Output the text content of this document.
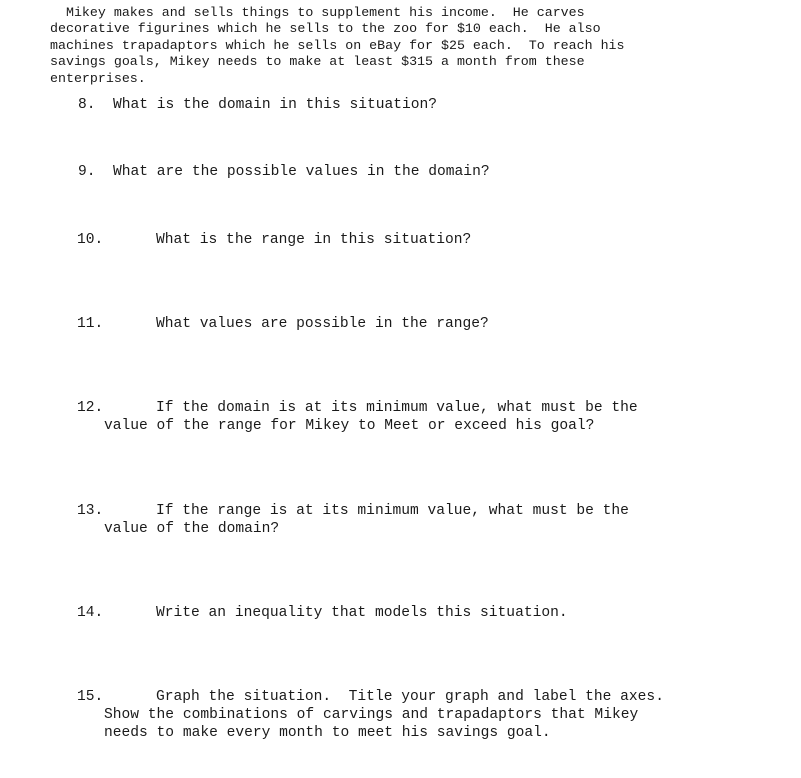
Mikey makes and sells things to supplement his income.  He carves
decorative figurines which he sells to the zoo for $10 each.  He also
machines trapadaptors which he sells on eBay for $25 each.  To reach his
savings goals, Mikey needs to make at least $315 a month from these
enterprises.

8.

What is the domain in this situation?

9.

What are the possible values in the domain?

10.

	What is the range in this situation?

11.

	What values are possible in the range?

12.

	If the domain is at its minimum value, what must be the

value of the range for Mikey to Meet or exceed his goal?

13.

	If the range is at its minimum value, what must be the

value of the domain?

14.

	Write an inequality that models this situation.

15.

	Graph the situation.  Title your graph and label the axes.

Show the combinations of carvings and trapadaptors that Mikey

needs to make every month to meet his savings goal.
